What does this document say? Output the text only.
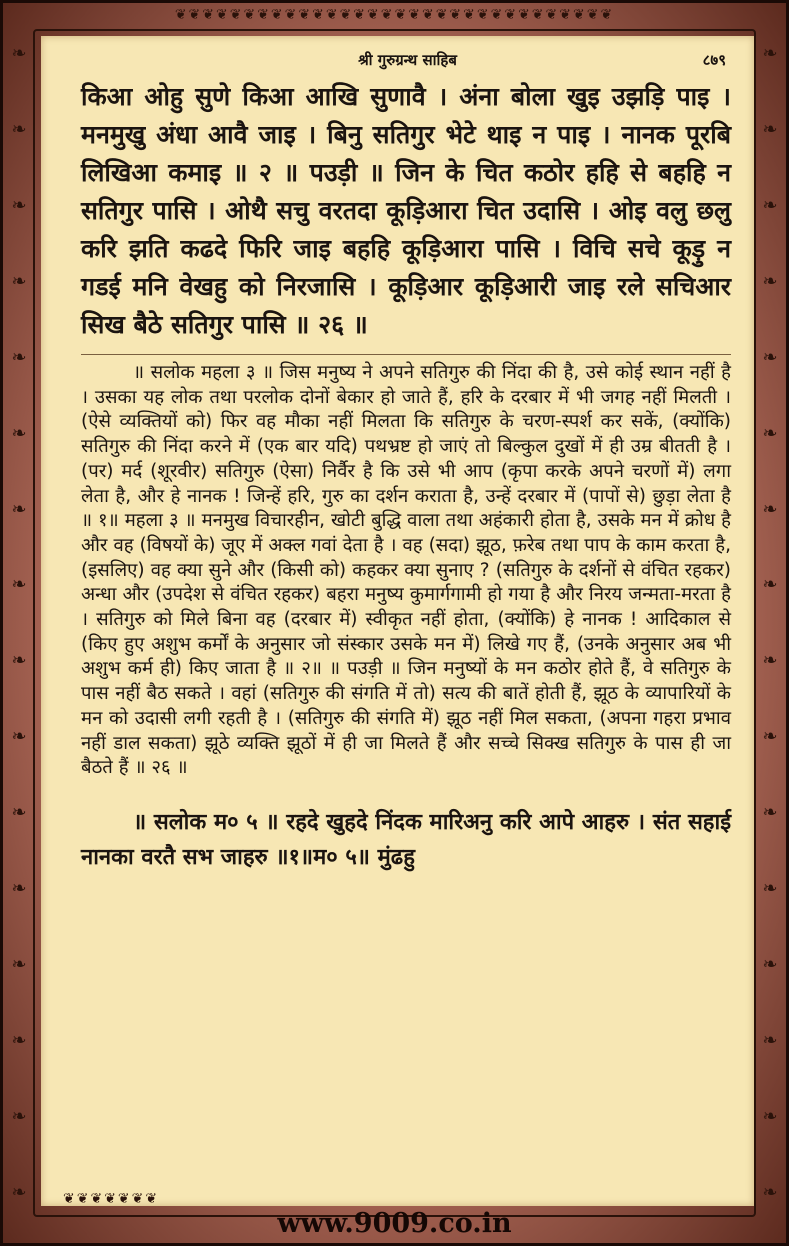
❦❦❦❦❦❦❦❦❦❦❦❦❦❦❦❦❦❦❦❦❦❦❦❦❦❦❦❦❦❦❦❦
❧
❧
❧
❧
❧
❧
❧
❧
❧
❧
❧
❧
❧
❧
❧
❧
❧
❧
❧
❧
❧
❧
❧
❧
❧
❧
❧
❧
❧
❧
❧
❧
श्री गुरुग्रन्थ साहिब	८७९
किआ ओहु सुणे किआ आखि सुणावै । अंना बोला खुइ उझड़ि पाइ । मनमुखु अंधा आवै जाइ । बिनु सतिगुर भेटे थाइ न पाइ । नानक पूरबि लिखिआ कमाइ ॥ २ ॥ पउड़ी ॥ जिन के चित कठोर हहि से बहहि न सतिगुर पासि । ओथै सचु वरतदा कूड़िआरा चित उदासि । ओइ वलु छलु करि झति कढदे फिरि जाइ बहहि कूड़िआरा पासि । विचि सचे कूड़ु न गडई मनि वेखहु को निरजासि । कूड़िआर कूड़िआरी जाइ रले सचिआर सिख बैठे सतिगुर पासि ॥ २६ ॥
॥ सलोक महला ३ ॥ जिस मनुष्य ने अपने सतिगुरु की निंदा की है, उसे कोई स्थान नहीं है । उसका यह लोक तथा परलोक दोनों बेकार हो जाते हैं, हरि के दरबार में भी जगह नहीं मिलती । (ऐसे व्यक्तियों को) फिर वह मौका नहीं मिलता कि सतिगुरु के चरण-स्पर्श कर सकें, (क्योंकि) सतिगुरु की निंदा करने में (एक बार यदि) पथभ्रष्ट हो जाएं तो बिल्कुल दुखों में ही उम्र बीतती है । (पर) मर्द (शूरवीर) सतिगुरु (ऐसा) निर्वैर है कि उसे भी आप (कृपा करके अपने चरणों में) लगा लेता है, और हे नानक ! जिन्हें हरि, गुरु का दर्शन कराता है, उन्हें दरबार में (पापों से) छुड़ा लेता है ॥ १॥ महला ३ ॥ मनमुख विचारहीन, खोटी बुद्धि वाला तथा अहंकारी होता है, उसके मन में क्रोध है और वह (विषयों के) जूए में अक्ल गवां देता है । वह (सदा) झूठ, फ़रेब तथा पाप के काम करता है, (इसलिए) वह क्या सुने और (किसी को) कहकर क्या सुनाए ? (सतिगुरु के दर्शनों से वंचित रहकर) अन्धा और (उपदेश से वंचित रहकर) बहरा मनुष्य कुमार्गगामी हो गया है और निरय जन्मता-मरता है । सतिगुरु को मिले बिना वह (दरबार में) स्वीकृत नहीं होता, (क्योंकि) हे नानक ! आदिकाल से (किए हुए अशुभ कर्मों के अनुसार जो संस्कार उसके मन में) लिखे गए हैं, (उनके अनुसार अब भी अशुभ कर्म ही) किए जाता है ॥ २॥ ॥ पउड़ी ॥ जिन मनुष्यों के मन कठोर होते हैं, वे सतिगुरु के पास नहीं बैठ सकते । वहां (सतिगुरु की संगति में तो) सत्य की बातें होती हैं, झूठ के व्यापारियों के मन को उदासी लगी रहती है । (सतिगुरु की संगति में) झूठ नहीं मिल सकता, (अपना गहरा प्रभाव नहीं डाल सकता) झूठे व्यक्ति झूठों में ही जा मिलते हैं और सच्चे सिक्ख सतिगुरु के पास ही जा बैठते हैं ॥ २६ ॥
॥ सलोक म० ५ ॥ रहदे खुहदे निंदक मारिअनु करि आपे आहरु । संत सहाई नानका वरतै सभ जाहरु ॥१॥म० ५॥ मुंढहु
❦❦❦❦❦❦❦
www.9009.co.in
